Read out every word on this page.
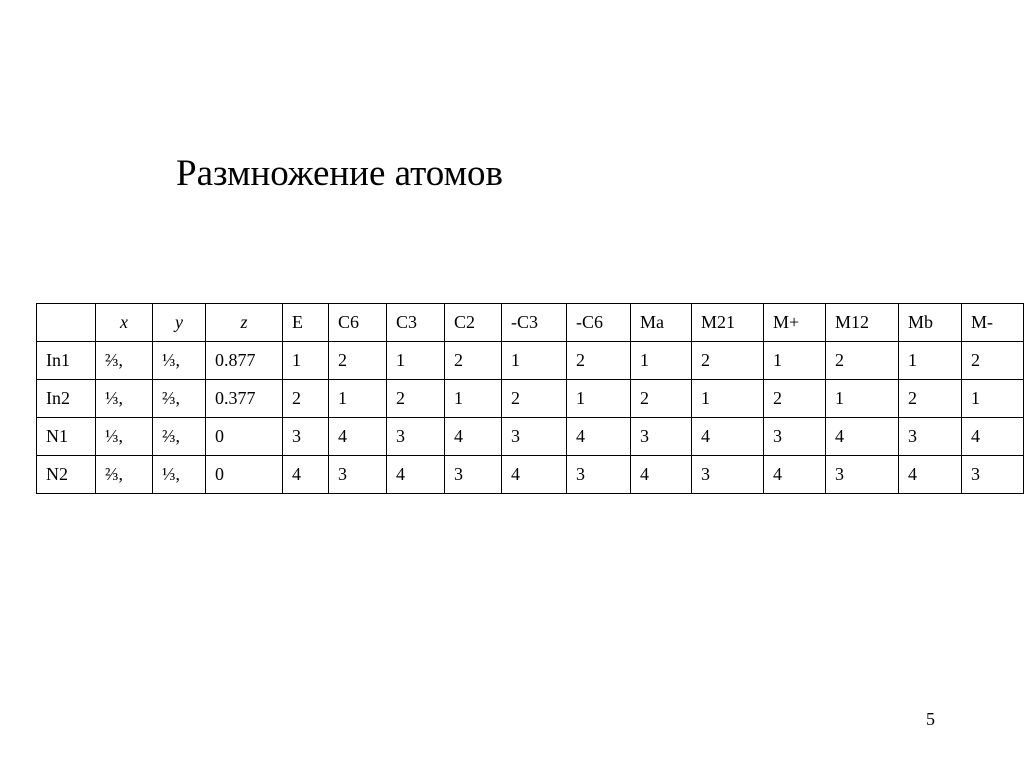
Размножение атомов
	x	y	z	E	C6	C3	C2	-C3	-C6	Ma	M21	M+	M12	Mb	M-
In1	⅔,	⅓,	0.877	1	2	1	2	1	2	1	2	1	2	1	2
In2	⅓,	⅔,	0.377	2	1	2	1	2	1	2	1	2	1	2	1
N1	⅓,	⅔,	0	3	4	3	4	3	4	3	4	3	4	3	4
N2	⅔,	⅓,	0	4	3	4	3	4	3	4	3	4	3	4	3
5
